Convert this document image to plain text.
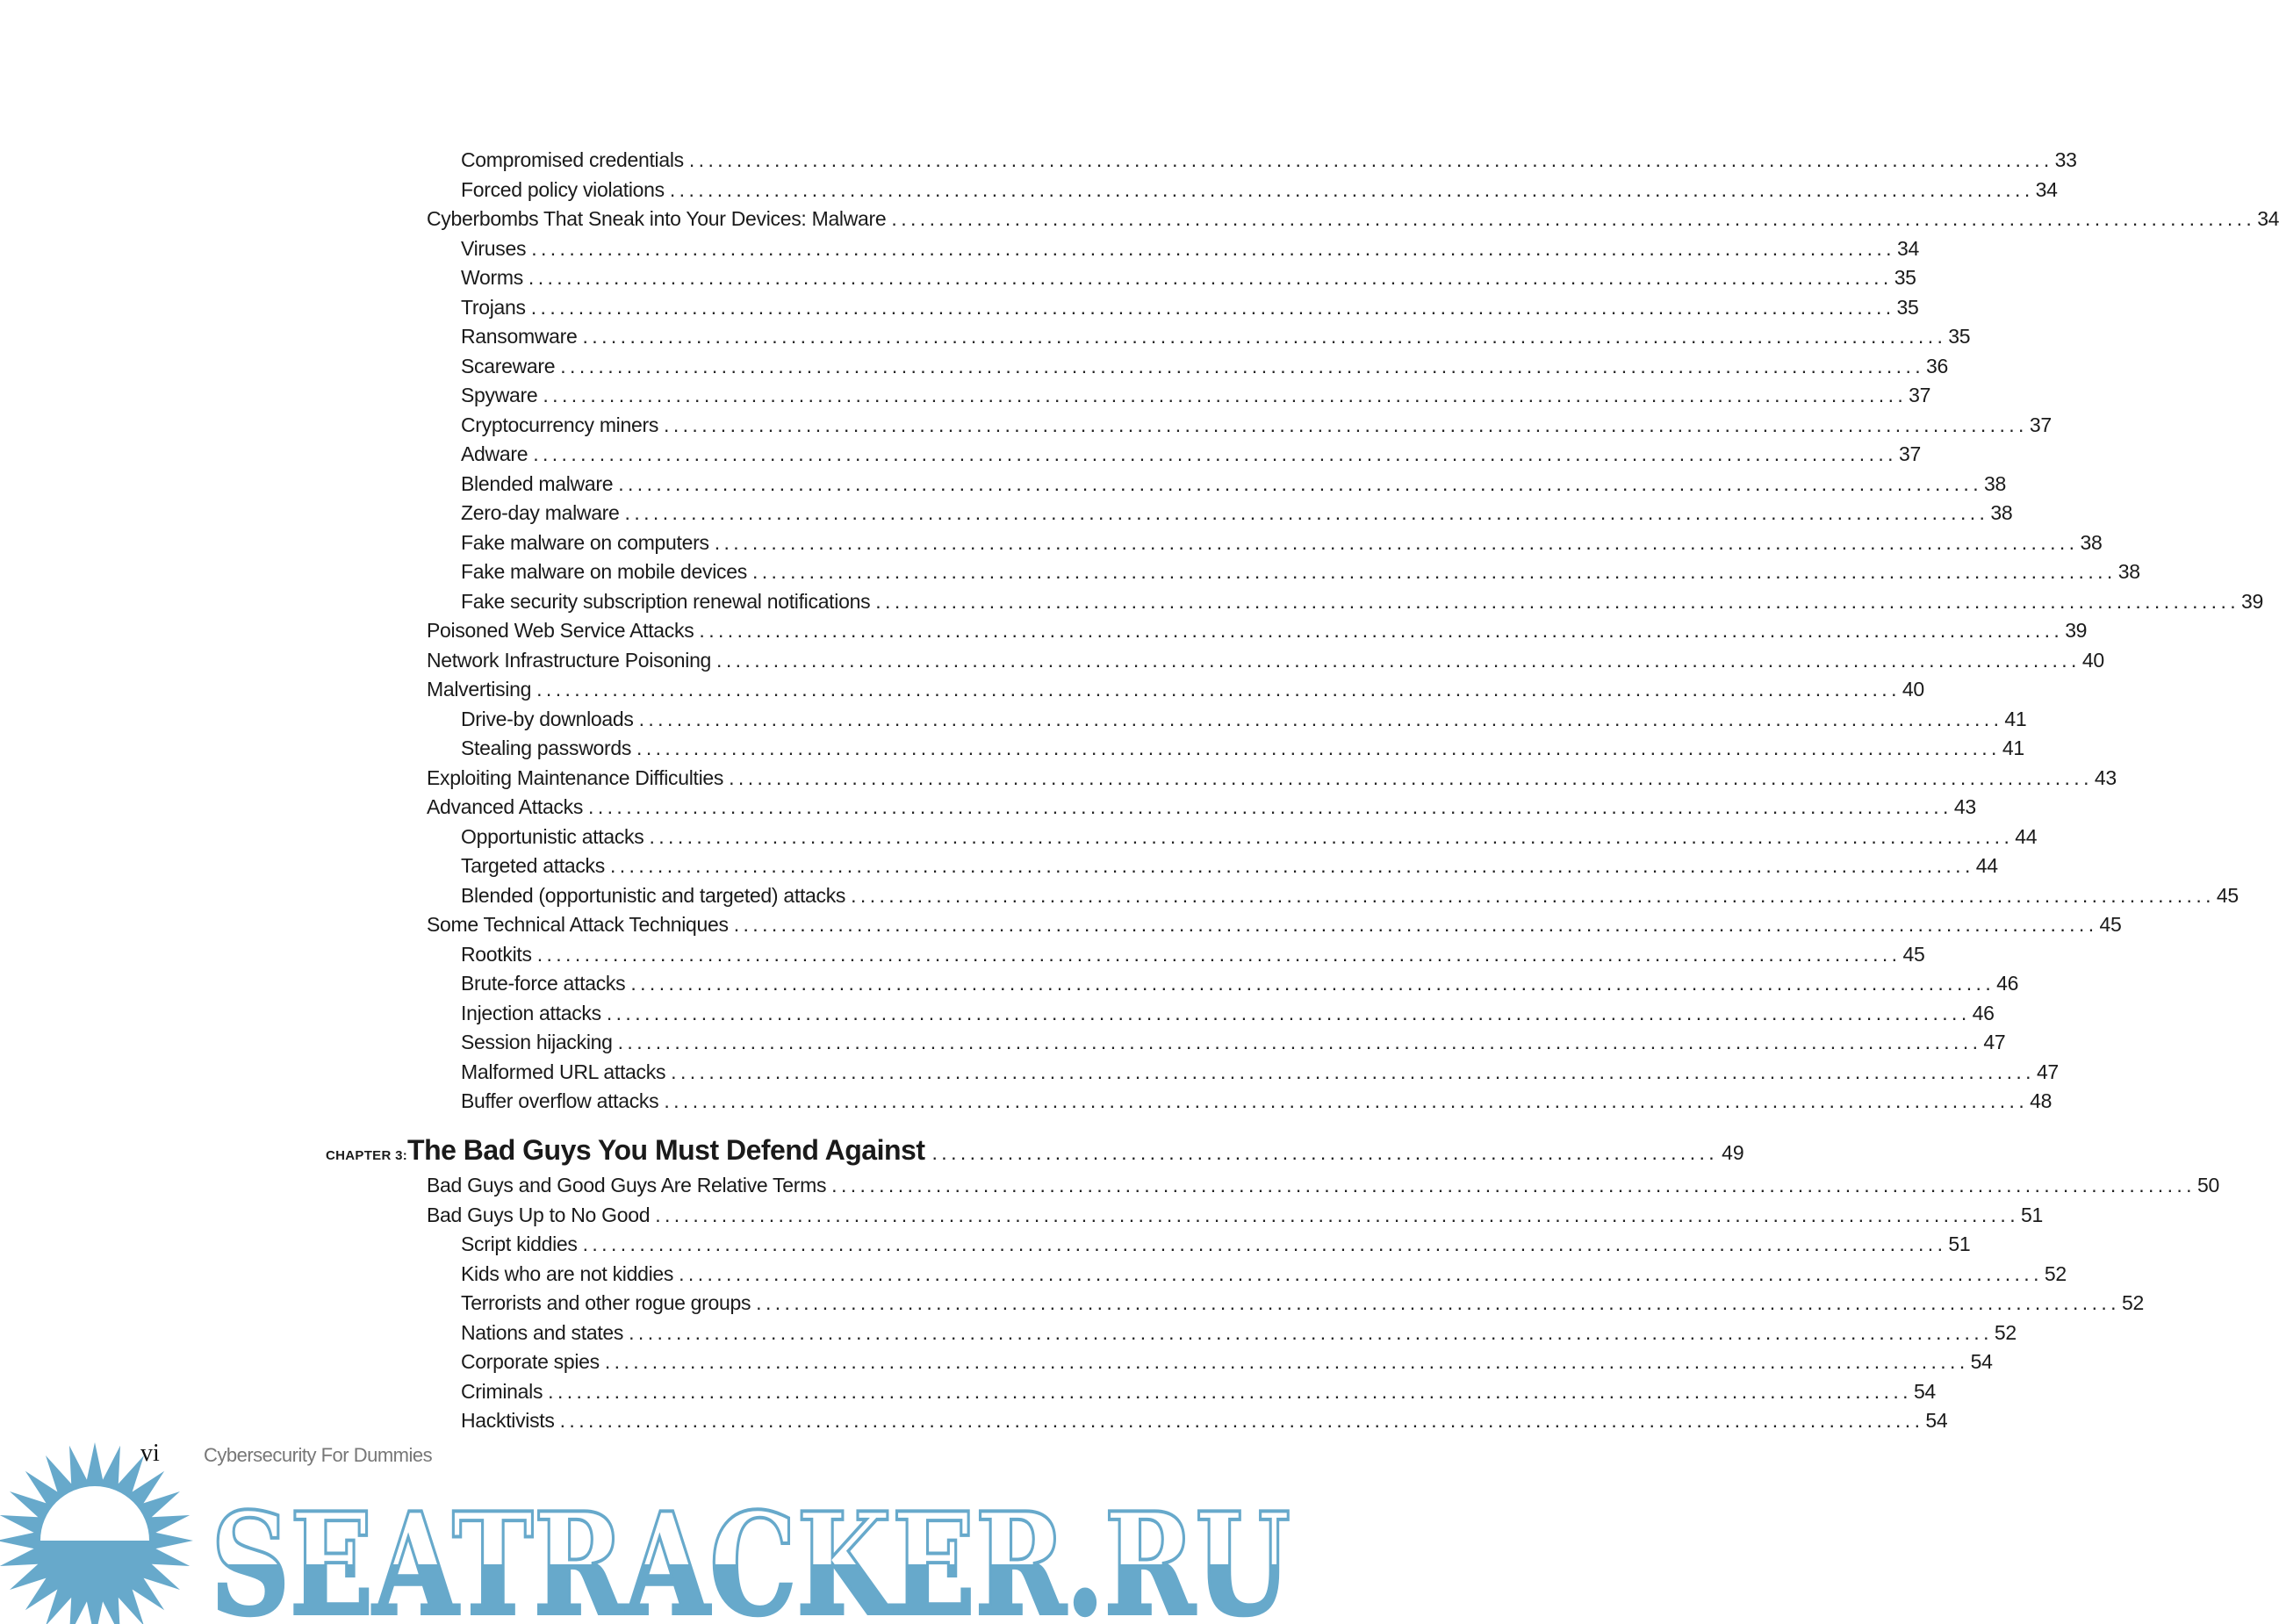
Compromised credentials .....	33
Forced policy violations .....	34
Cyberbombs That Sneak into Your Devices: Malware .....	34
Viruses .....	34
Worms .....	35
Trojans .....	35
Ransomware .....	35
Scareware .....	36
Spyware .....	37
Cryptocurrency miners .....	37
Adware .....	37
Blended malware .....	38
Zero-day malware .....	38
Fake malware on computers .....	38
Fake malware on mobile devices .....	38
Fake security subscription renewal notifications .....	39
Poisoned Web Service Attacks .....	39
Network Infrastructure Poisoning .....	40
Malvertising .....	40
Drive-by downloads .....	41
Stealing passwords .....	41
Exploiting Maintenance Difficulties .....	43
Advanced Attacks .....	43
Opportunistic attacks .....	44
Targeted attacks .....	44
Blended (opportunistic and targeted) attacks .....	45
Some Technical Attack Techniques .....	45
Rootkits .....	45
Brute-force attacks .....	46
Injection attacks .....	46
Session hijacking .....	47
Malformed URL attacks .....	47
Buffer overflow attacks .....	48
CHAPTER 3: The Bad Guys You Must Defend Against .....	49
Bad Guys and Good Guys Are Relative Terms .....	50
Bad Guys Up to No Good .....	51
Script kiddies .....	51
Kids who are not kiddies .....	52
Terrorists and other rogue groups .....	52
Nations and states .....	52
Corporate spies .....	54
Criminals .....	54
Hacktivists .....	54
SEATRACKER.RU
vi Cybersecurity For Dummies
